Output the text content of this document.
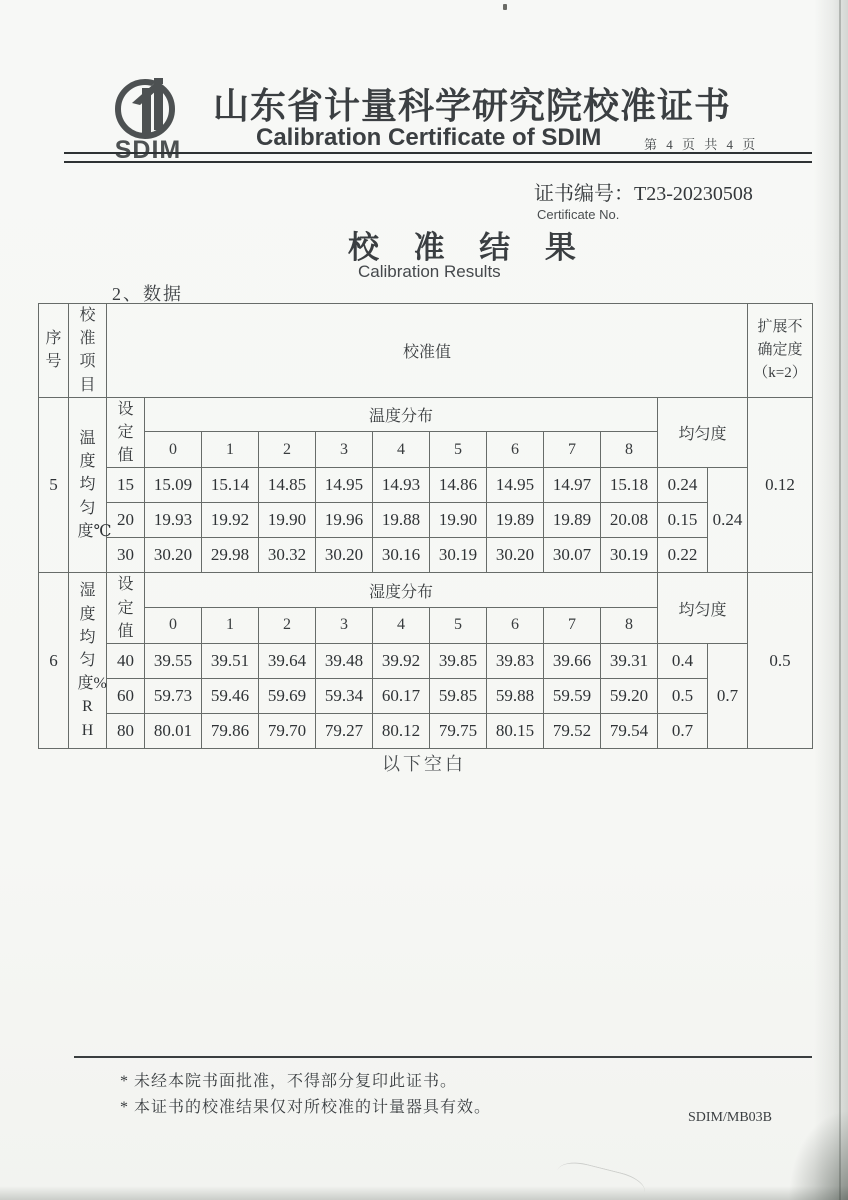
SDIM
山东省计量科学研究院校准证书
Calibration Certificate of SDIM	第 4 页 共 4 页
证书编号：T23-20230508
Certificate No.
校 准 结 果
Calibration Results
2、数据
序号	校准项目	校准值												扩展不
确定度
（k=2）

5	温度均匀度℃	设定值	温度分布									均匀度		0.12
			0	1	2	3	4	5	6	7	8			
		15	15.09	15.14	14.85	14.95	14.93	14.86	14.95	14.97	15.18	0.24	0.24	
		20	19.93	19.92	19.90	19.96	19.88	19.90	19.89	19.89	20.08	0.15		
		30	30.20	29.98	30.32	30.20	30.16	30.19	30.20	30.07	30.19	0.22		
6	湿度均匀度%RH	设定值	湿度分布									均匀度		0.5
			0	1	2	3	4	5	6	7	8			
		40	39.55	39.51	39.64	39.48	39.92	39.85	39.83	39.66	39.31	0.4	0.7	
		60	59.73	59.46	59.69	59.34	60.17	59.85	59.88	59.59	59.20	0.5		
		80	80.01	79.86	79.70	79.27	80.12	79.75	80.15	79.52	79.54	0.7		
以下空白
* 未经本院书面批准，不得部分复印此证书。
* 本证书的校准结果仅对所校准的计量器具有效。
SDIM/MB03B
